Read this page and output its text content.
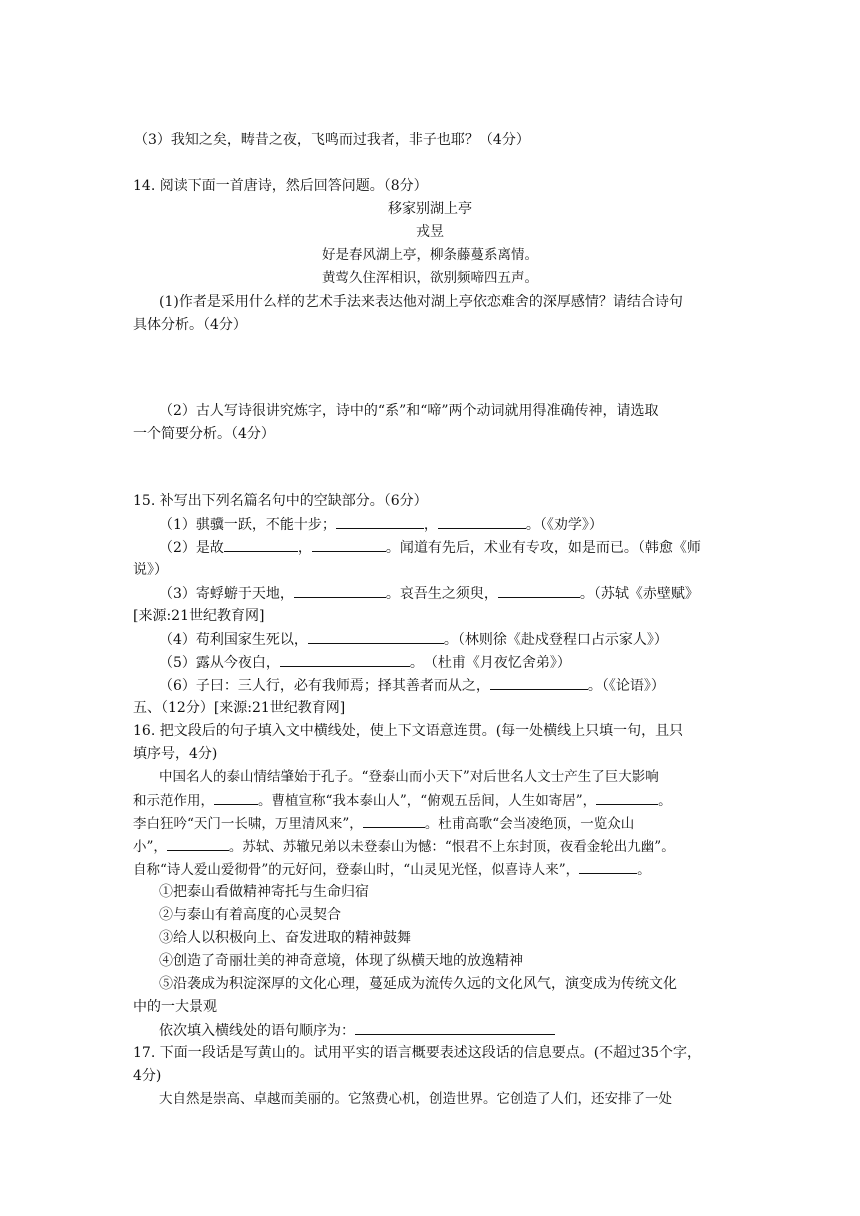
（3）我知之矣，畴昔之夜，飞鸣而过我者，非子也耶？（4分）
14. 阅读下面一首唐诗，然后回答问题。（8分）
移家别湖上亭
戎昱
好是春风湖上亭，柳条藤蔓系离情。
黄莺久住浑相识，欲别频啼四五声。
(1)作者是采用什么样的艺术手法来表达他对湖上亭依恋难舍的深厚感情？请结合诗句
具体分析。（4分）
（2）古人写诗很讲究炼字，诗中的“系”和“啼”两个动词就用得准确传神，请选取
一个简要分析。（4分）
15. 补写出下列名篇名句中的空缺部分。（6分）
（1）骐骥一跃，不能十步；	，	。（《劝学》）
（2）是故	，	。闻道有先后，术业有专攻，如是而已。（韩愈《师
说》）
（3）寄蜉蝣于天地，	。哀吾生之须臾，	。（苏轼《赤壁赋》
[来源:21世纪教育网]
（4）苟利国家生死以，	。（林则徐《赴戍登程口占示家人》）
（5）露从今夜白，	。　（杜甫《月夜忆舍弟》）
（6）子曰：三人行，必有我师焉；择其善者而从之，	。（《论语》）
五、（12分）[来源:21世纪教育网]
16. 把文段后的句子填入文中横线处，使上下文语意连贯。(每一处横线上只填一句，且只
填序号，4分)
中国名人的泰山情结肇始于孔子。“登泰山而小天下”对后世名人文士产生了巨大影响
和示范作用，	。曹植宣称“我本泰山人”，“俯观五岳间，人生如寄居”，	。
李白狂吟“天门一长啸，万里清风来”，	。杜甫高歌“会当凌绝顶，一览众山
小”，	。苏轼、苏辙兄弟以未登泰山为憾：“恨君不上东封顶，夜看金轮出九幽”。
自称“诗人爱山爱彻骨”的元好问，登泰山时，“山灵见光怪，似喜诗人来”，	。
①把泰山看做精神寄托与生命归宿
②与泰山有着高度的心灵契合
③给人以积极向上、奋发进取的精神鼓舞
④创造了奇丽壮美的神奇意境，体现了纵横天地的放逸精神
⑤沿袭成为积淀深厚的文化心理，蔓延成为流传久远的文化风气，演变成为传统文化
中的一大景观
依次填入横线处的语句顺序为：
17. 下面一段话是写黄山的。试用平实的语言概要表述这段话的信息要点。(不超过35个字，
4分)
大自然是崇高、卓越而美丽的。它煞费心机，创造世界。它创造了人们，还安排了一处
